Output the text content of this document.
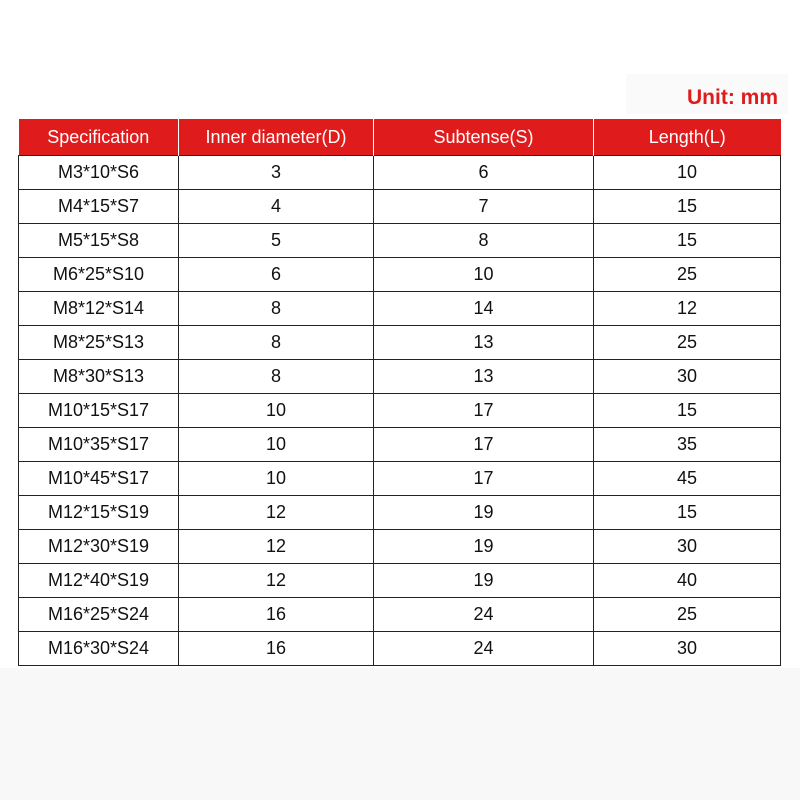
Unit: mm
Specification	Inner diameter(D)	Subtense(S)	Length(L)
M3*10*S6	3	6	10
M4*15*S7	4	7	15
M5*15*S8	5	8	15
M6*25*S10	6	10	25
M8*12*S14	8	14	12
M8*25*S13	8	13	25
M8*30*S13	8	13	30
M10*15*S17	10	17	15
M10*35*S17	10	17	35
M10*45*S17	10	17	45
M12*15*S19	12	19	15
M12*30*S19	12	19	30
M12*40*S19	12	19	40
M16*25*S24	16	24	25
M16*30*S24	16	24	30
